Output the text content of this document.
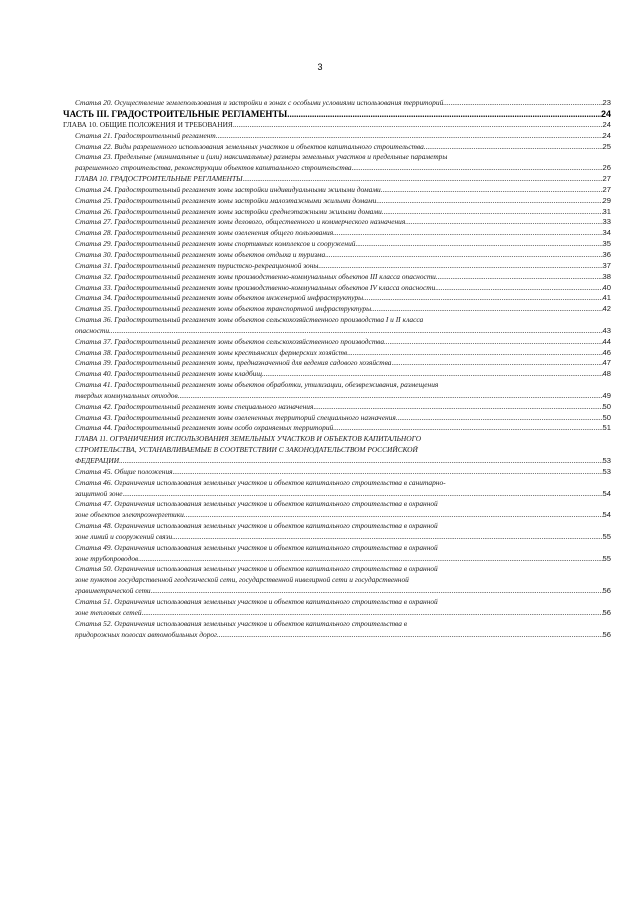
3
Статья 20. Осуществление землепользования и застройки в зонах с особыми условиями использования территорий .....	23
ЧАСТЬ III. ГРАДОСТРОИТЕЛЬНЫЕ РЕГЛАМЕНТЫ .....	24
ГЛАВА 10. ОБЩИЕ ПОЛОЖЕНИЯ И ТРЕБОВАНИЯ .....	24
Статья 21. Градостроительный регламент .....	24
Статья 22. Виды разрешенного использования земельных участков и объектов капитального строительства .....	25
Статья 23. Предельные (минимальные и (или) максимальные) размеры земельных участков и предельные параметры
разрешенного строительства, реконструкции объектов капитального строительства .....	26
ГЛАВА 10. ГРАДОСТРОИТЕЛЬНЫЕ РЕГЛАМЕНТЫ .....	27
Статья 24. Градостроительный регламент зоны застройки индивидуальными жилыми домами .....	27
Статья 25. Градостроительный регламент зоны застройки малоэтажными жилыми домами .....	29
Статья 26. Градостроительный регламент зоны застройки среднеэтажными жилыми домами .....	31
Статья 27. Градостроительный регламент зоны делового, общественного и коммерческого назначения .....	33
Статья 28. Градостроительный регламент зоны озеленения общего пользования .....	34
Статья 29. Градостроительный регламент зоны спортивных комплексов и сооружений .....	35
Статья 30. Градостроительный регламент зоны объектов отдыха и туризма .....	36
Статья 31. Градостроительный регламент туристско-рекреационной зоны .....	37
Статья 32. Градостроительный регламент зоны производственно-коммунальных объектов III класса опасности .....	38
Статья 33. Градостроительный регламент зоны производственно-коммунальных объектов IV класса опасности .....	40
Статья 34. Градостроительный регламент зоны объектов инженерной инфраструктуры .....	41
Статья 35. Градостроительный регламент зоны объектов транспортной инфраструктуры .....	42
Статья 36. Градостроительный регламент зоны объектов сельскохозяйственного производства I и II класса
опасности .....	43
Статья 37. Градостроительный регламент зоны объектов сельскохозяйственного производства .....	44
Статья 38. Градостроительный регламент зоны крестьянских фермерских хозяйств .....	46
Статья 39. Градостроительный регламент зоны, предназначенной для ведения садового хозяйства .....	47
Статья 40. Градостроительный регламент зоны кладбищ .....	48
Статья 41. Градостроительный регламент зоны объектов обработки, утилизации, обезвреживания, размещения
твердых коммунальных отходов .....	49
Статья 42. Градостроительный регламент зоны специального назначения .....	50
Статья 43. Градостроительный регламент зоны озелененных территорий специального назначения .....	50
Статья 44. Градостроительный регламент зоны особо охраняемых территорий .....	51
ГЛАВА 11. ОГРАНИЧЕНИЯ ИСПОЛЬЗОВАНИЯ ЗЕМЕЛЬНЫХ УЧАСТКОВ И ОБЪЕКТОВ КАПИТАЛЬНОГО
СТРОИТЕЛЬСТВА, УСТАНАВЛИВАЕМЫЕ В СООТВЕТСТВИИ С ЗАКОНОДАТЕЛЬСТВОМ РОССИЙСКОЙ
ФЕДЕРАЦИИ .....	53
Статья 45. Общие положения .....	53
Статья 46. Ограничения использования земельных участков и объектов капитального строительства в санитарно-
защитной зоне .....	54
Статья 47. Ограничения использования земельных участков и объектов капитального строительства в охранной
зоне объектов электроэнергетики .....	54
Статья 48. Ограничения использования земельных участков и объектов капитального строительства в охранной
зоне линий и сооружений связи .....	55
Статья 49. Ограничения использования земельных участков и объектов капитального строительства в охранной
зоне трубопроводов .....	55
Статья 50. Ограничения использования земельных участков и объектов капитального строительства в охранной
зоне пунктов государственной геодезической сети, государственной нивелирной сети и государственной
гравиметрической сети .....	56
Статья 51. Ограничения использования земельных участков и объектов капитального строительства в охранной
зоне тепловых сетей .....	56
Статья 52. Ограничения использования земельных участков и объектов капитального строительства в
придорожных полосах автомобильных дорог .....	56
